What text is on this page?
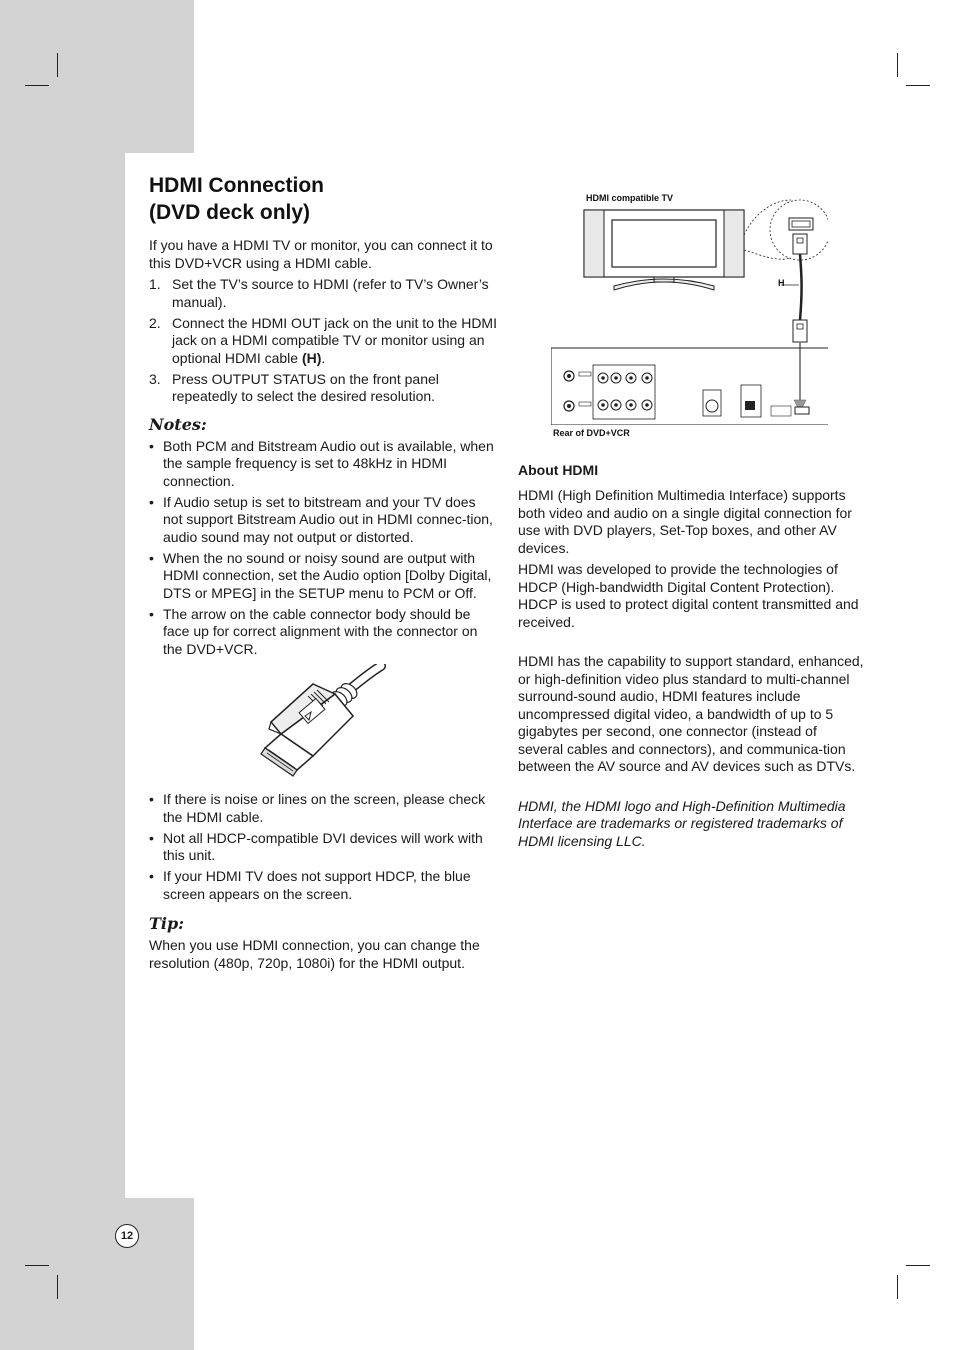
HDMI Connection
(DVD deck only)

If you have a HDMI TV or monitor, you can connect it to this DVD+VCR using a HDMI cable.

1. Set the TV’s source to HDMI (refer to TV’s Owner’s manual).
2. Connect the HDMI OUT jack on the unit to the HDMI jack on a HDMI compatible TV or monitor using an optional HDMI cable (H).
3. Press OUTPUT STATUS on the front panel repeatedly to select the desired resolution.
Notes:
• Both PCM and Bitstream Audio out is available, when the sample frequency is set to 48kHz in HDMI connection.
• If Audio setup is set to bitstream and your TV does not support Bitstream Audio out in HDMI connec-tion, audio sound may not output or distorted.
• When the no sound or noisy sound are output with HDMI connection, set the Audio option [Dolby Digital, DTS or MPEG] in the SETUP menu to PCM or Off.
• The arrow on the cable connector body should be face up for correct alignment with the connector on the DVD+VCR.
• If there is noise or lines on the screen, please check the HDMI cable.
• Not all HDCP-compatible DVI devices will work with this unit.
• If your HDMI TV does not support HDCP, the blue screen appears on the screen.
Tip:

When you use HDMI connection, you can change the resolution (480p, 720p, 1080i) for the HDMI output.

HDMI compatible TV
H
Rear of DVD+VCR
About HDMI

HDMI (High Definition Multimedia Interface) supports both video and audio on a single digital connection for use with DVD players, Set-Top boxes, and other AV devices.

HDMI was developed to provide the technologies of HDCP (High-bandwidth Digital Content Protection). HDCP is used to protect digital content transmitted and received.

HDMI has the capability to support standard, enhanced, or high-definition video plus standard to multi-channel surround-sound audio, HDMI features include uncompressed digital video, a bandwidth of up to 5 gigabytes per second, one connector (instead of several cables and connectors), and communica-tion between the AV source and AV devices such as DTVs.

HDMI, the HDMI logo and High-Definition Multimedia Interface are trademarks or registered trademarks of HDMI licensing LLC.

12
